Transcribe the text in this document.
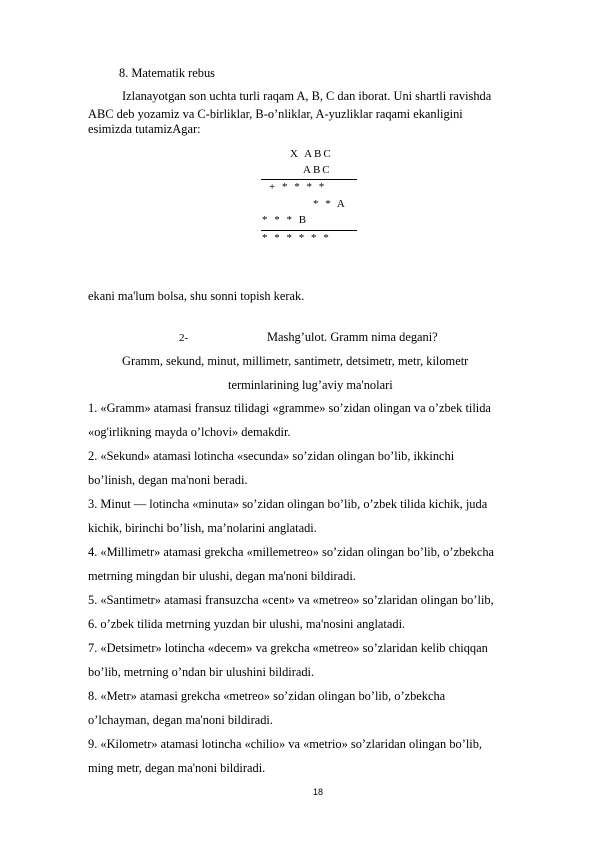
8. Matematik rebus
Izlanayotgan son uchta turli raqam A, B, C dan iborat. Uni shartli ravishda
ABC deb yozamiz va C-birliklar, B-o’nliklar, A-yuzliklar raqami ekanligini
esimizda tutamizAgar:
X ABC
ABC
+ * * * *
* * A
* * * B
* * * * * *
ekani ma'lum bolsa, shu sonni topish kerak.
2-	Mashg’ulot. Gramm nima degani?
Gramm, sekund, minut, millimetr, santimetr, detsimetr, metr, kilometr
terminlarining lug’aviy ma'nolari
1. «Gramm» atamasi fransuz tilidagi «gramme» so’zidan olingan va o’zbek tilida
«og'irlikning mayda o’lchovi» demakdir.
2. «Sekund» atamasi lotincha «secunda» so’zidan olingan bo’lib, ikkinchi
bo’linish, degan ma'noni beradi.
3. Minut — lotincha «minuta» so’zidan olingan bo’lib, o’zbek tilida kichik, juda
kichik, birinchi bo’lish, ma’nolarini anglatadi.
4. «Millimetr» atamasi grekcha «millemetreo» so’zidan olingan bo’lib, o’zbekcha
metrning mingdan bir ulushi, degan ma'noni bildiradi.
5. «Santimetr» atamasi fransuzcha «cent» va «metreo» so’zlaridan olingan bo’lib,
6. o’zbek tilida metrning yuzdan bir ulushi, ma'nosini anglatadi.
7. «Detsimetr» lotincha «decem» va grekcha «metreo» so’zlaridan kelib chiqqan
bo’lib, metrning o’ndan bir ulushini bildiradi.
8. «Metr» atamasi grekcha «metreo» so’zidan olingan bo’lib, o’zbekcha
o’lchayman, degan ma'noni bildiradi.
9. «Kilometr» atamasi lotincha «chilio» va «metrio» so’zlaridan olingan bo’lib,
ming metr, degan ma'noni bildiradi.
18
